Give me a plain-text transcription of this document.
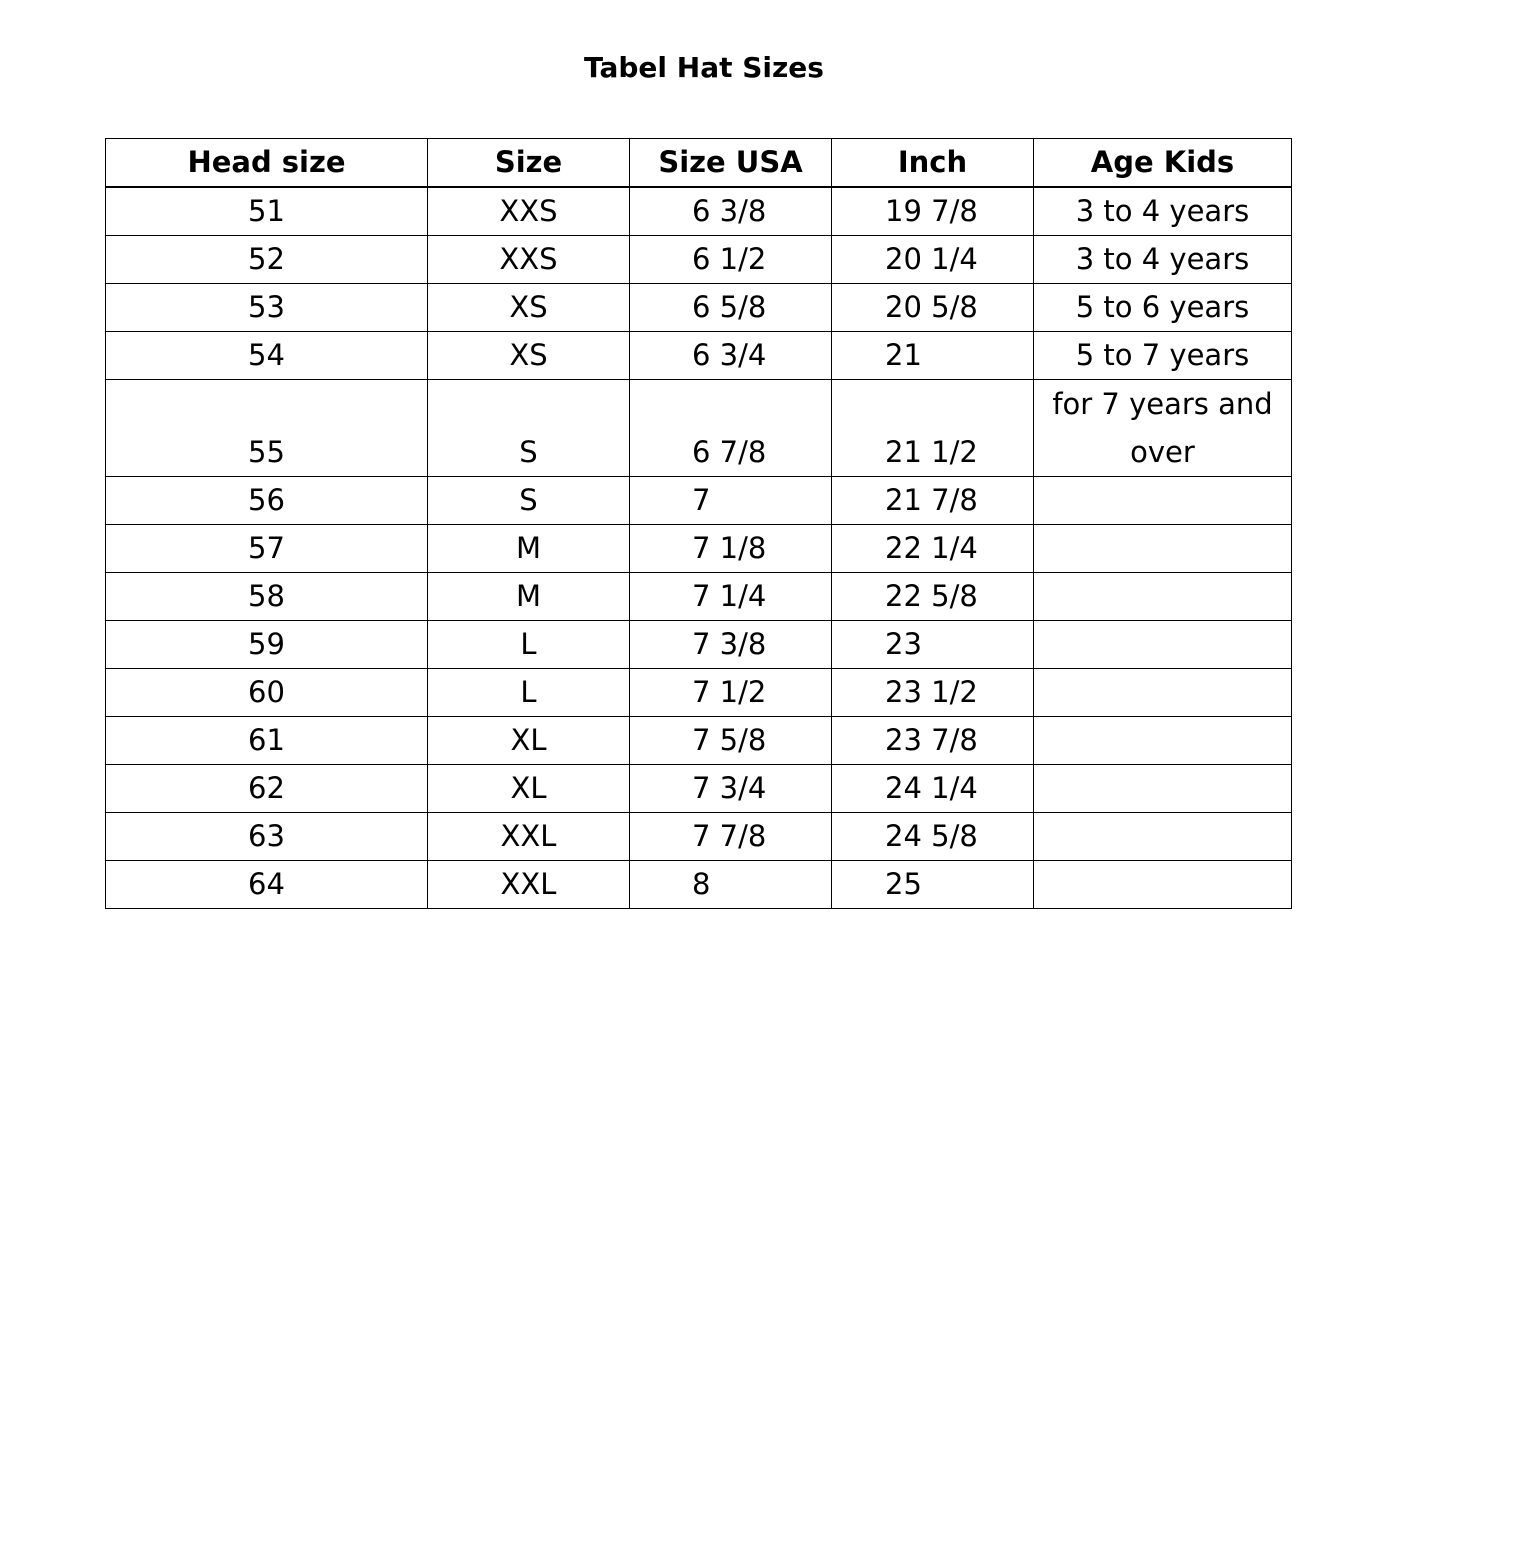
Tabel Hat Sizes
Head size	Size	Size USA	Inch	Age Kids
51	XXS	6 3/8	19 7/8	3 to 4 years
52	XXS	6 1/2	20 1/4	3 to 4 years
53	XS	6 5/8	20 5/8	5 to 6 years
54	XS	6 3/4	21	5 to 7 years
55	S	6 7/8	21 1/2	for 7 years and over
56	S	7	21 7/8	
57	M	7 1/8	22 1/4	
58	M	7 1/4	22 5/8	
59	L	7 3/8	23	
60	L	7 1/2	23 1/2	
61	XL	7 5/8	23 7/8	
62	XL	7 3/4	24 1/4	
63	XXL	7 7/8	24 5/8	
64	XXL	8	25	
